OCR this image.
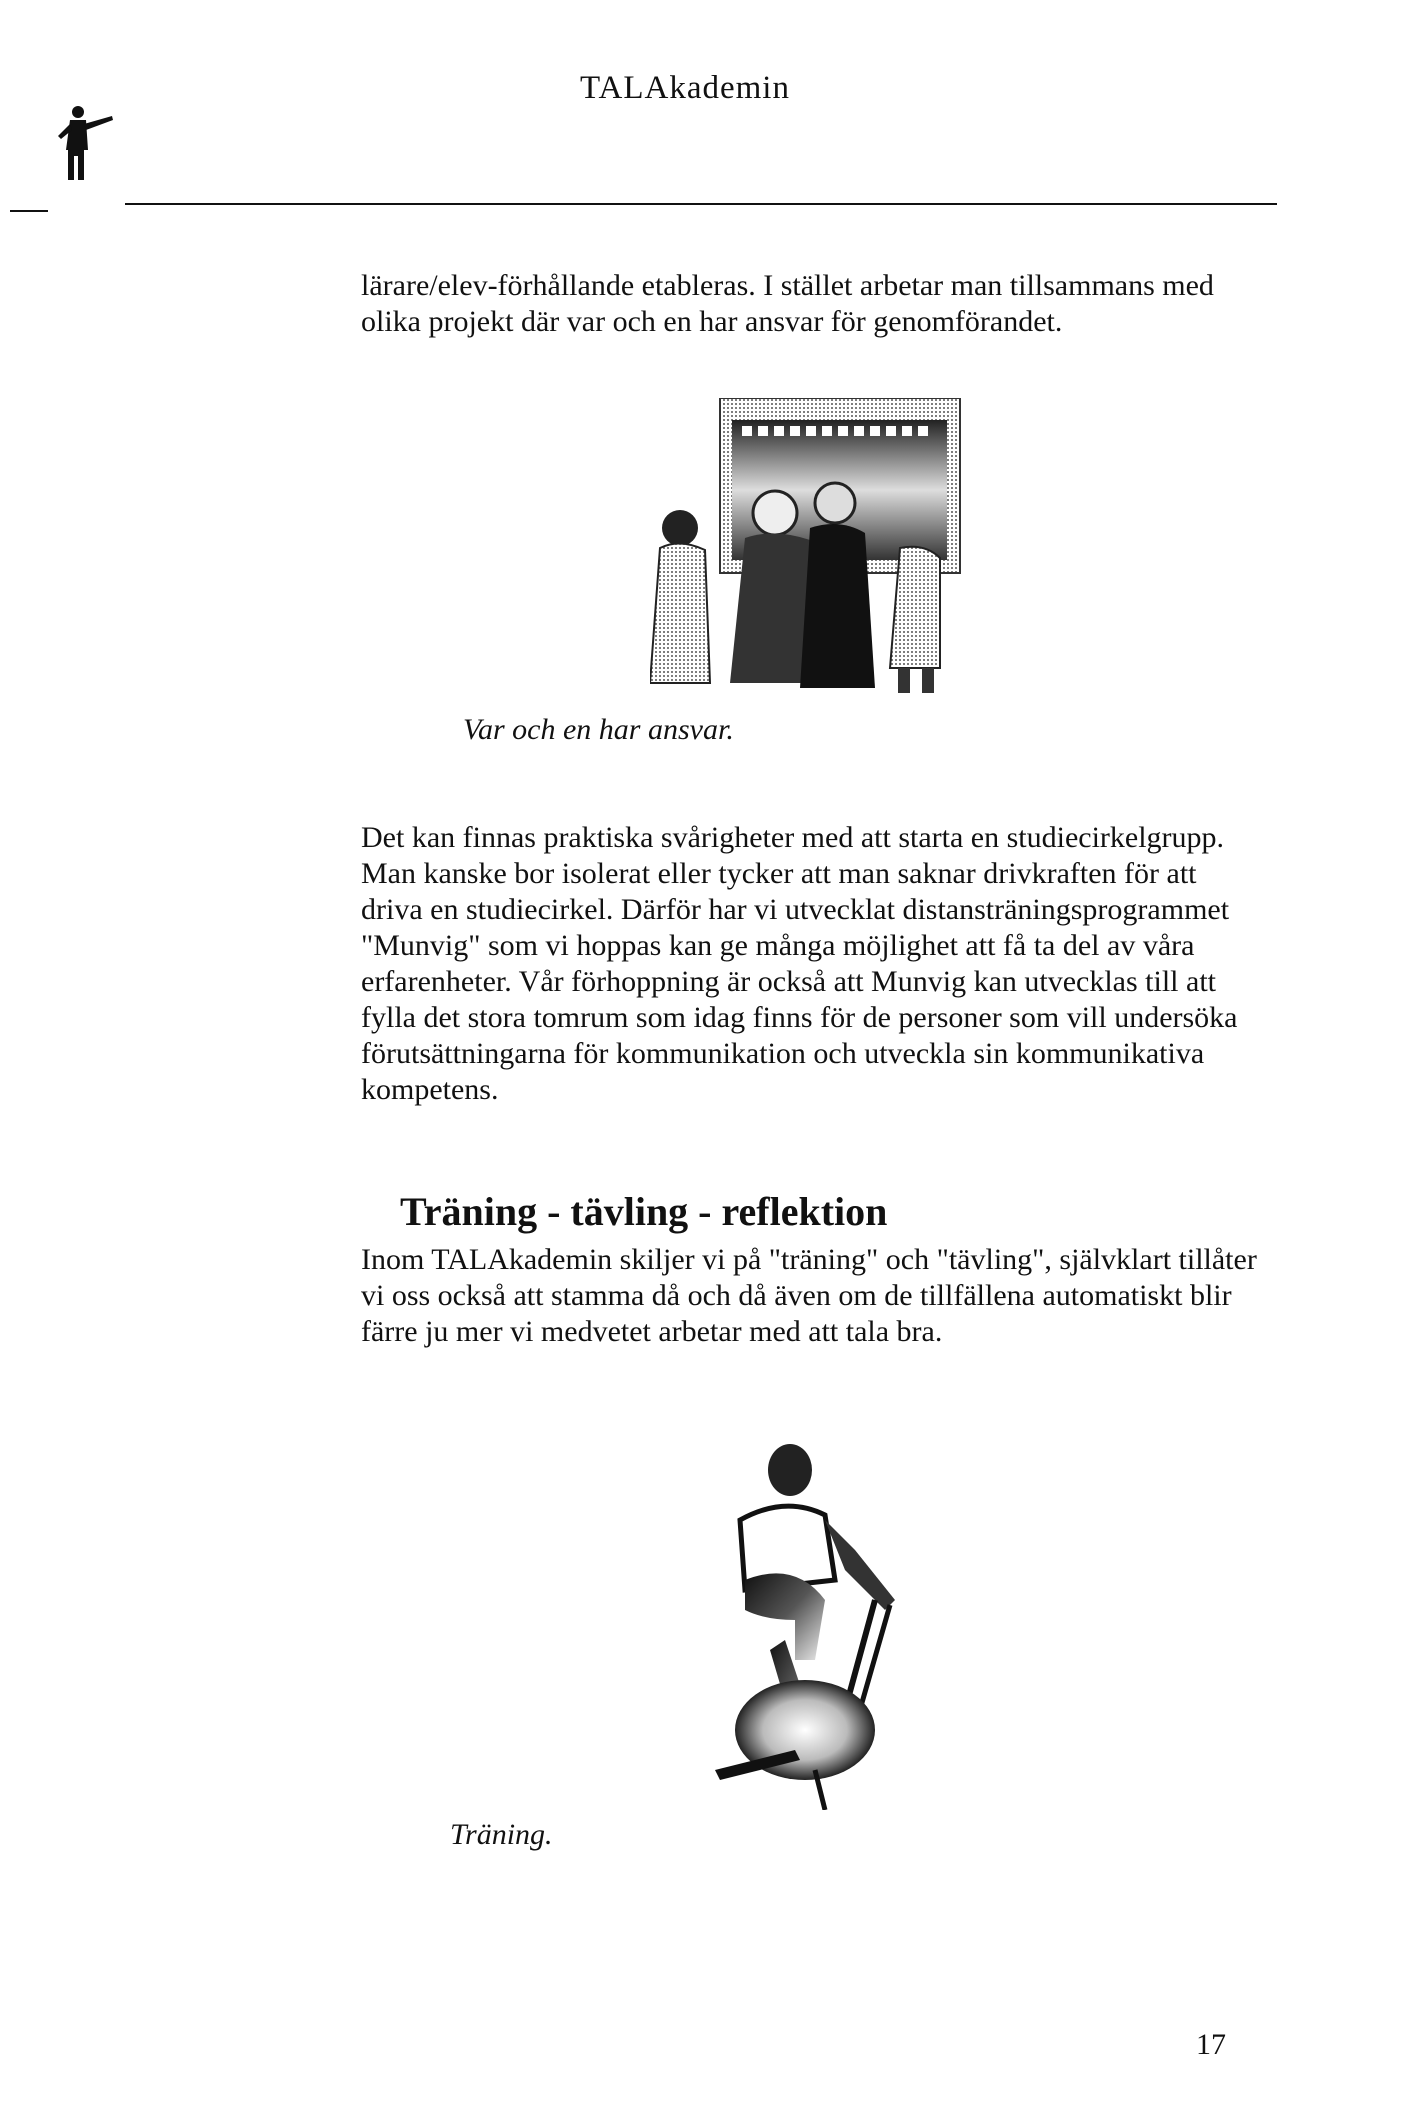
TALAkademin

lärare/elev-förhållande etableras. I stället arbetar man tillsammans med olika projekt där var och en har ansvar för genomförandet.

Var och en har ansvar.

Det kan finnas praktiska svårigheter med att starta en studiecirkelgrupp. Man kanske bor isolerat eller tycker att man saknar drivkraften för att driva en studiecirkel. Därför har vi utvecklat distansträningsprogrammet "Munvig" som vi hoppas kan ge många möjlighet att få ta del av våra erfarenheter. Vår förhoppning är också att Munvig kan utvecklas till att fylla det stora tomrum som idag finns för de personer som vill undersöka förutsättningarna för kommunikation och utveckla sin kommunikativa kompetens.

Träning - tävling - reflektion

Inom TALAkademin skiljer vi på "träning" och "tävling", självklart tillåter vi oss också att stamma då och då även om de tillfällena automatiskt blir färre ju mer vi medvetet arbetar med att tala bra.

Träning.
17
